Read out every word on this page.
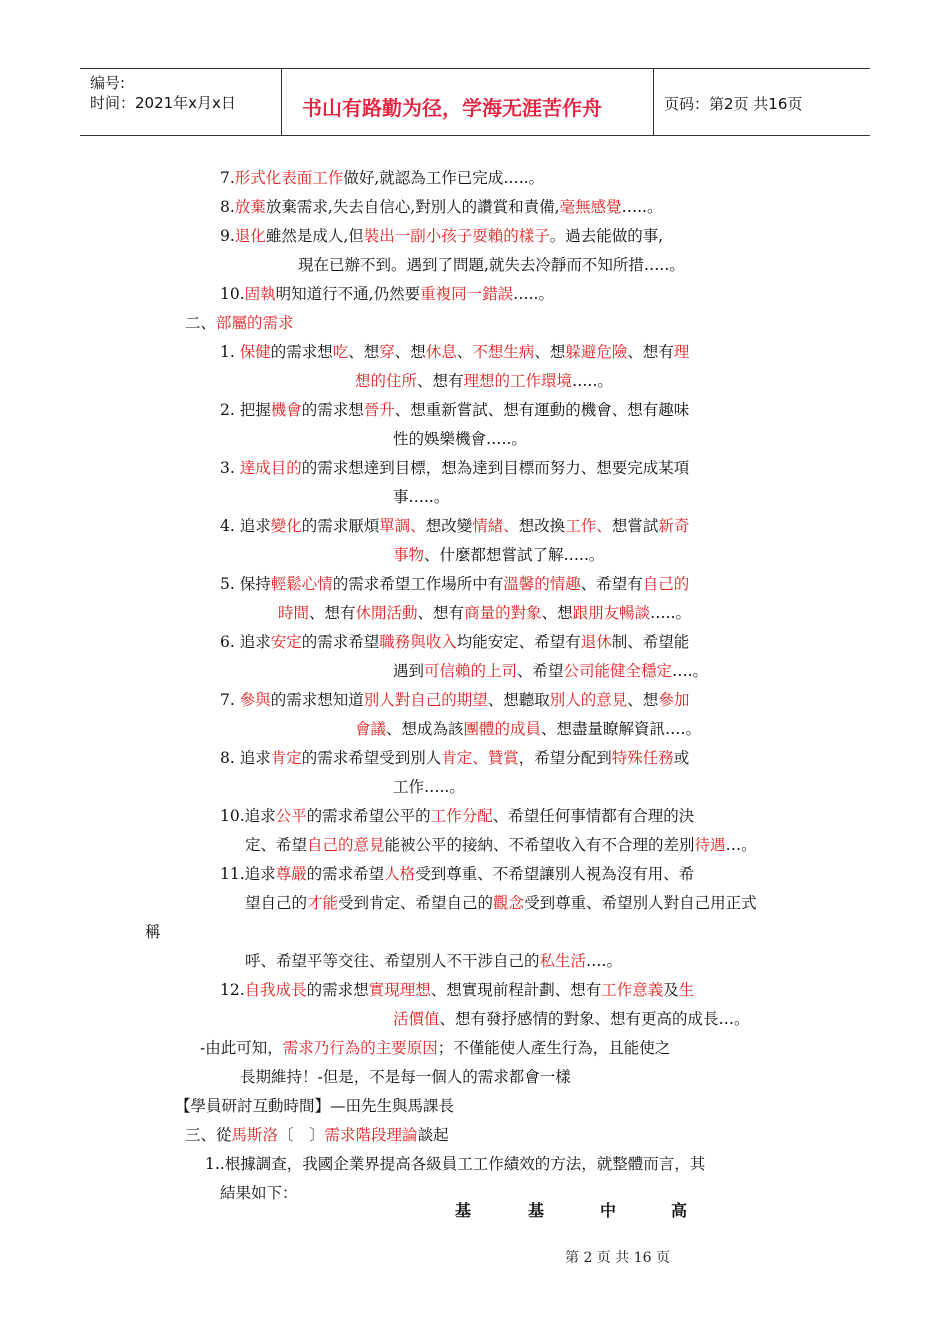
编号:
时间：2021年x月x日	书山有路勤为径，学海无涯苦作舟	页码：第2页 共16页
7.形式化表面工作做好,就認為工作已完成…..。
8.放棄放棄需求,失去自信心,對別人的讚賞和責備,毫無感覺…..。
9.退化雖然是成人,但裝出一副小孩子耍賴的樣子。過去能做的事,
現在已辦不到。遇到了問題,就失去冷靜而不知所措…..。
10.固執明知道行不通,仍然要重複同一錯誤…..。
二、部屬的需求
1. 保健的需求想吃、想穿、想休息、不想生病、想躲避危險、想有理
想的住所、想有理想的工作環境…..。
2. 把握機會的需求想晉升、想重新嘗試、想有運動的機會、想有趣味
性的娛樂機會…..。
3. 達成目的的需求想達到目標，想為達到目標而努力、想要完成某項
事…..。
4. 追求變化的需求厭煩單調、想改變情緒、想改換工作、想嘗試新奇
事物、什麼都想嘗試了解…..。
5. 保持輕鬆心情的需求希望工作場所中有溫馨的情趣、希望有自己的
時間、想有休閒活動、想有商量的對象、想跟朋友暢談…..。
6. 追求安定的需求希望職務與收入均能安定、希望有退休制、希望能
遇到可信賴的上司、希望公司能健全穩定….。
7. 參與的需求想知道別人對自己的期望、想聽取別人的意見、想參加
會議、想成為該團體的成員、想盡量瞭解資訊….。
8. 追求肯定的需求希望受到別人肯定、贊賞，希望分配到特殊任務或
工作…..。
10.追求公平的需求希望公平的工作分配、希望任何事情都有合理的決
定、希望自己的意見能被公平的接納、不希望收入有不合理的差別待遇…。
11.追求尊嚴的需求希望人格受到尊重、不希望讓別人視為沒有用、希
望自己的才能受到肯定、希望自己的觀念受到尊重、希望別人對自己用正式
稱
呼、希望平等交往、希望別人不干涉自己的私生活….。
12.自我成長的需求想實現理想、想實現前程計劃、想有工作意義及生
活價值、想有發抒感情的對象、想有更高的成長…。
-由此可知，需求乃行為的主要原因；不僅能使人產生行為，且能使之
長期維持！-但是，不是每一個人的需求都會一樣
【學員研討互動時間】—田先生與馬課長
三、從馬斯洛〔　〕需求階段理論談起
1..根據調查，我國企業界提高各級員工工作績效的方法，就整體而言，其
結果如下：
基	基	中	高
第 2 页 共 16 页
